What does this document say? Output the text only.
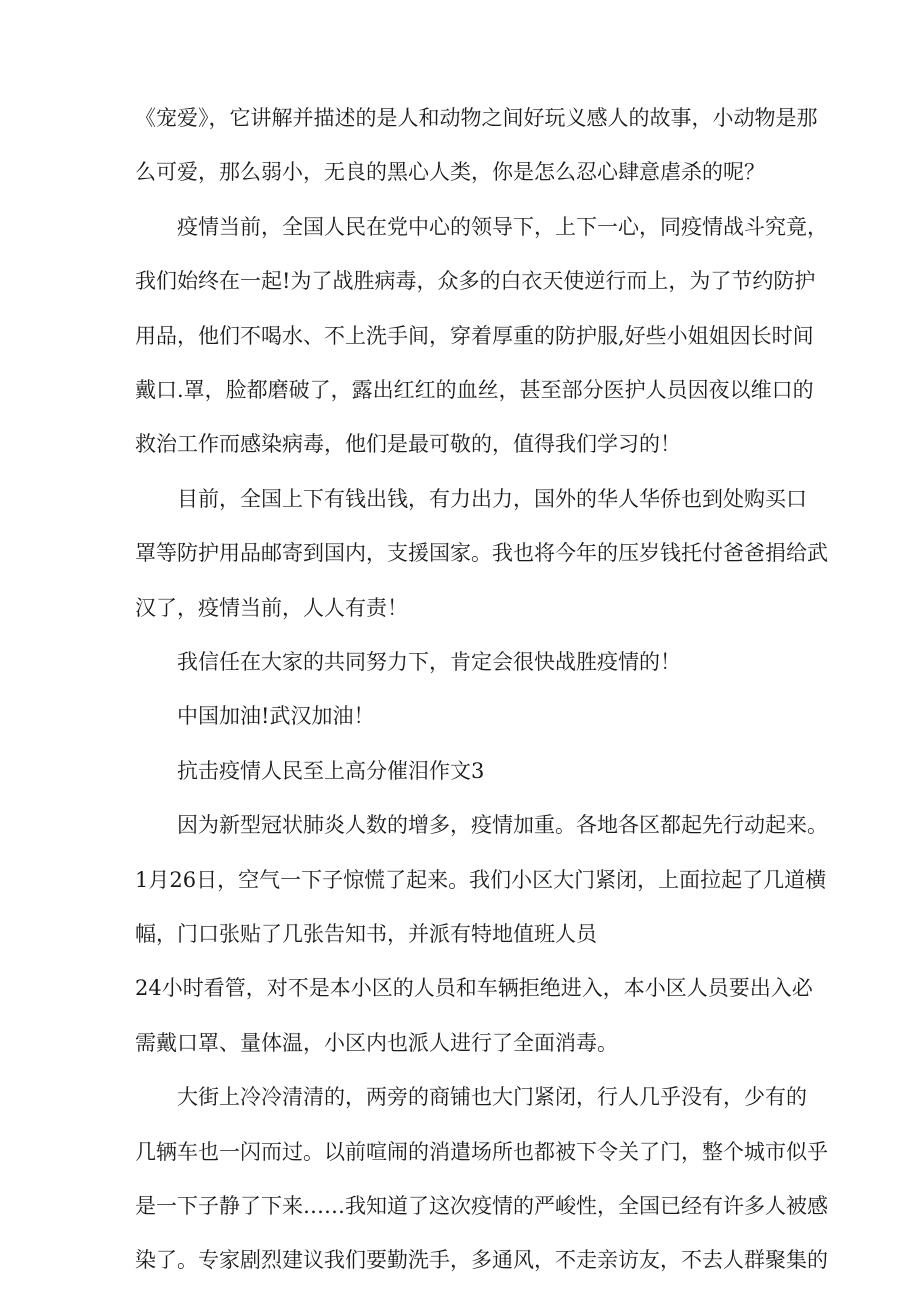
《宠爱》，它讲解并描述的是人和动物之间好玩义感人的故事，小动物是那
么可爱，那么弱小，无良的黑心人类，你是怎么忍心肆意虐杀的呢？
疫情当前，全国人民在党中心的领导下，上下一心，同疫情战斗究竟，
我们始终在一起!为了战胜病毒，众多的白衣天使逆行而上，为了节约防护
用品，他们不喝水、不上洗手间，穿着厚重的防护服,好些小姐姐因长时间
戴口.罩，脸都磨破了，露出红红的血丝，甚至部分医护人员因夜以维口的
救治工作而感染病毒，他们是最可敬的，值得我们学习的！
目前，全国上下有钱出钱，有力出力，国外的华人华侨也到处购买口
罩等防护用品邮寄到国内，支援国家。我也将今年的压岁钱托付爸爸捐给武
汉了，疫情当前，人人有责！
我信任在大家的共同努力下，肯定会很快战胜疫情的！
中国加油!武汉加油！
抗击疫情人民至上高分催泪作文3
因为新型冠状肺炎人数的增多，疫情加重。各地各区都起先行动起来。
1月26日，空气一下子惊慌了起来。我们小区大门紧闭，上面拉起了几道横
幅，门口张贴了几张告知书，并派有特地值班人员
24小时看管，对不是本小区的人员和车辆拒绝进入，本小区人员要出入必
需戴口罩、量体温，小区内也派人进行了全面消毒。
大街上冷冷清清的，两旁的商铺也大门紧闭，行人几乎没有，少有的
几辆车也一闪而过。以前喧闹的消遣场所也都被下令关了门，整个城市似乎
是一下子静了下来……我知道了这次疫情的严峻性，全国已经有许多人被感
染了。专家剧烈建议我们要勤洗手，多通风，不走亲访友，不去人群聚集的
